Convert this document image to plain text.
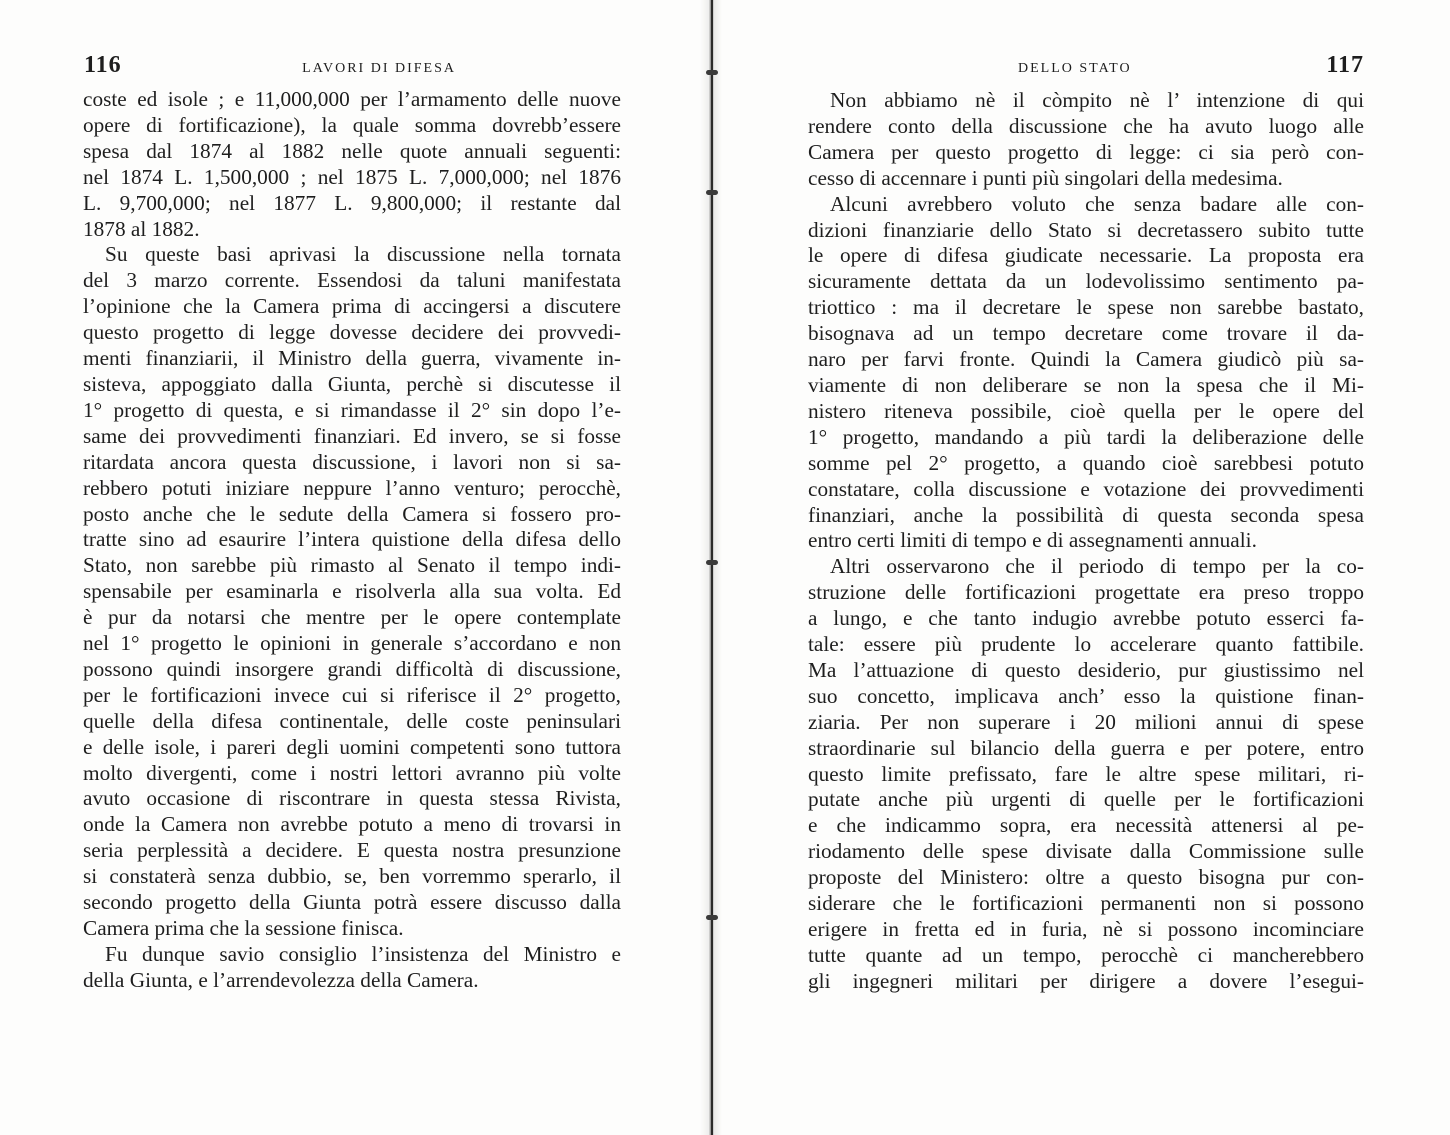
116	LAVORI DI DIFESA
coste ed isole ; e 11,000,000 per l’armamento delle nuove
opere di fortificazione), la quale somma dovrebb’essere
spesa dal 1874 al 1882 nelle quote annuali seguenti:
nel 1874 L. 1,500,000 ; nel 1875 L. 7,000,000; nel 1876
L. 9,700,000; nel 1877 L. 9,800,000; il restante dal
1878 al 1882.
Su queste basi aprivasi la discussione nella tornata
del 3 marzo corrente. Essendosi da taluni manifestata
l’opinione che la Camera prima di accingersi a discutere
questo progetto di legge dovesse decidere dei provvedi-
menti finanziarii, il Ministro della guerra, vivamente in-
sisteva, appoggiato dalla Giunta, perchè si discutesse il
1° progetto di questa, e si rimandasse il 2° sin dopo l’e-
same dei provvedimenti finanziari. Ed invero, se si fosse
ritardata ancora questa discussione, i lavori non si sa-
rebbero potuti iniziare neppure l’anno venturo; perocchè,
posto anche che le sedute della Camera si fossero pro-
tratte sino ad esaurire l’intera quistione della difesa dello
Stato, non sarebbe più rimasto al Senato il tempo indi-
spensabile per esaminarla e risolverla alla sua volta. Ed
è pur da notarsi che mentre per le opere contemplate
nel 1° progetto le opinioni in generale s’accordano e non
possono quindi insorgere grandi difficoltà di discussione,
per le fortificazioni invece cui si riferisce il 2° progetto,
quelle della difesa continentale, delle coste peninsulari
e delle isole, i pareri degli uomini competenti sono tuttora
molto divergenti, come i nostri lettori avranno più volte
avuto occasione di riscontrare in questa stessa Rivista,
onde la Camera non avrebbe potuto a meno di trovarsi in
seria perplessità a decidere. E questa nostra presunzione
si constaterà senza dubbio, se, ben vorremmo sperarlo, il
secondo progetto della Giunta potrà essere discusso dalla
Camera prima che la sessione finisca.
Fu dunque savio consiglio l’insistenza del Ministro e
della Giunta, e l’arrendevolezza della Camera.
DELLO STATO	117
Non abbiamo nè il còmpito nè l’ intenzione di qui
rendere conto della discussione che ha avuto luogo alle
Camera per questo progetto di legge: ci sia però con-
cesso di accennare i punti più singolari della medesima.
Alcuni avrebbero voluto che senza badare alle con-
dizioni finanziarie dello Stato si decretassero subito tutte
le opere di difesa giudicate necessarie. La proposta era
sicuramente dettata da un lodevolissimo sentimento pa-
triottico : ma il decretare le spese non sarebbe bastato,
bisognava ad un tempo decretare come trovare il da-
naro per farvi fronte. Quindi la Camera giudicò più sa-
viamente di non deliberare se non la spesa che il Mi-
nistero riteneva possibile, cioè quella per le opere del
1° progetto, mandando a più tardi la deliberazione delle
somme pel 2° progetto, a quando cioè sarebbesi potuto
constatare, colla discussione e votazione dei provvedimenti
finanziari, anche la possibilità di questa seconda spesa
entro certi limiti di tempo e di assegnamenti annuali.
Altri osservarono che il periodo di tempo per la co-
struzione delle fortificazioni progettate era preso troppo
a lungo, e che tanto indugio avrebbe potuto esserci fa-
tale: essere più prudente lo accelerare quanto fattibile.
Ma l’attuazione di questo desiderio, pur giustissimo nel
suo concetto, implicava anch’ esso la quistione finan-
ziaria. Per non superare i 20 milioni annui di spese
straordinarie sul bilancio della guerra e per potere, entro
questo limite prefissato, fare le altre spese militari, ri-
putate anche più urgenti di quelle per le fortificazioni
e che indicammo sopra, era necessità attenersi al pe-
riodamento delle spese divisate dalla Commissione sulle
proposte del Ministero: oltre a questo bisogna pur con-
siderare che le fortificazioni permanenti non si possono
erigere in fretta ed in furia, nè si possono incominciare
tutte quante ad un tempo, perocchè ci mancherebbero
gli ingegneri militari per dirigere a dovere l’esegui-
